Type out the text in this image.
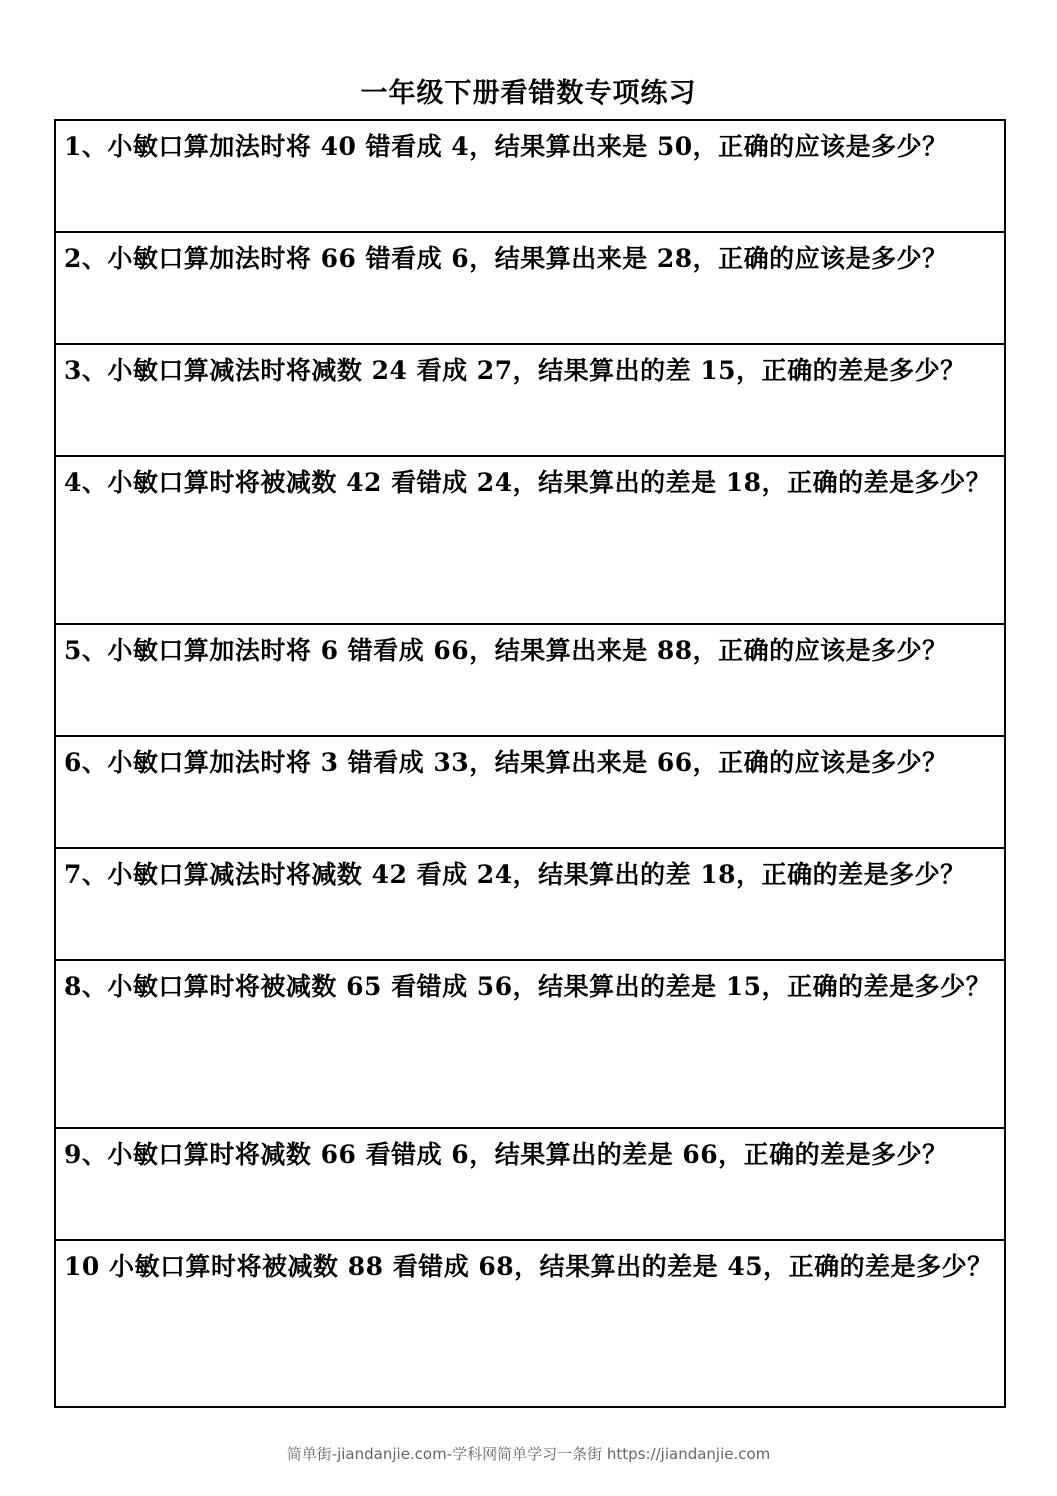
一年级下册看错数专项练习
1、小敏口算加法时将 40 错看成 4，结果算出来是 50，正确的应该是多少？
2、小敏口算加法时将 66 错看成 6，结果算出来是 28，正确的应该是多少？
3、小敏口算减法时将减数 24 看成 27，结果算出的差 15，正确的差是多少？
4、小敏口算时将被减数 42 看错成 24，结果算出的差是 18，正确的差是多少？
5、小敏口算加法时将 6 错看成 66，结果算出来是 88，正确的应该是多少？
6、小敏口算加法时将 3 错看成 33，结果算出来是 66，正确的应该是多少？
7、小敏口算减法时将减数 42 看成 24，结果算出的差 18，正确的差是多少？
8、小敏口算时将被减数 65 看错成 56，结果算出的差是 15，正确的差是多少？
9、小敏口算时将减数 66 看错成 6，结果算出的差是 66，正确的差是多少？
10 小敏口算时将被减数 88 看错成 68，结果算出的差是 45，正确的差是多少？
简单街-jiandanjie.com-学科网简单学习一条街 https://jiandanjie.com
